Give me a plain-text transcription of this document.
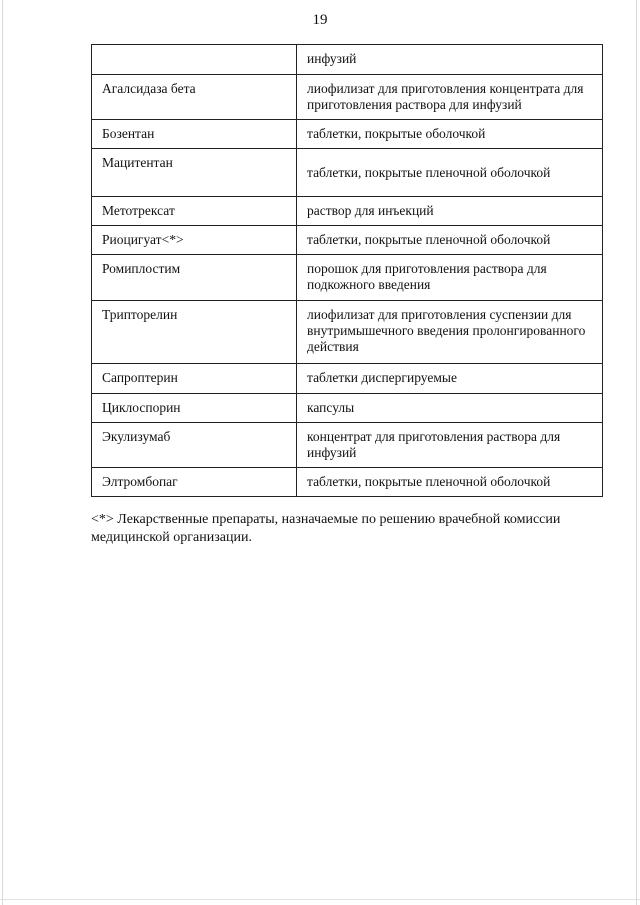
19
	инфузий
Агалсидаза бета	лиофилизат для приготовления концентрата для приготовления раствора для инфузий
Бозентан	таблетки, покрытые оболочкой
Мацитентан	таблетки, покрытые пленочной оболочкой
Метотрексат	раствор для инъекций
Риоцигуат<*>	таблетки, покрытые пленочной оболочкой
Ромиплостим	порошок для приготовления раствора для подкожного введения
Трипторелин	лиофилизат для приготовления суспензии для внутримышечного введения пролонгированного действия
Сапроптерин	таблетки диспергируемые
Циклоспорин	капсулы
Экулизумаб	концентрат для приготовления раствора для инфузий
Элтромбопаг	таблетки, покрытые пленочной оболочкой
<*> Лекарственные препараты, назначаемые по решению врачебной комиссии медицинской организации.
